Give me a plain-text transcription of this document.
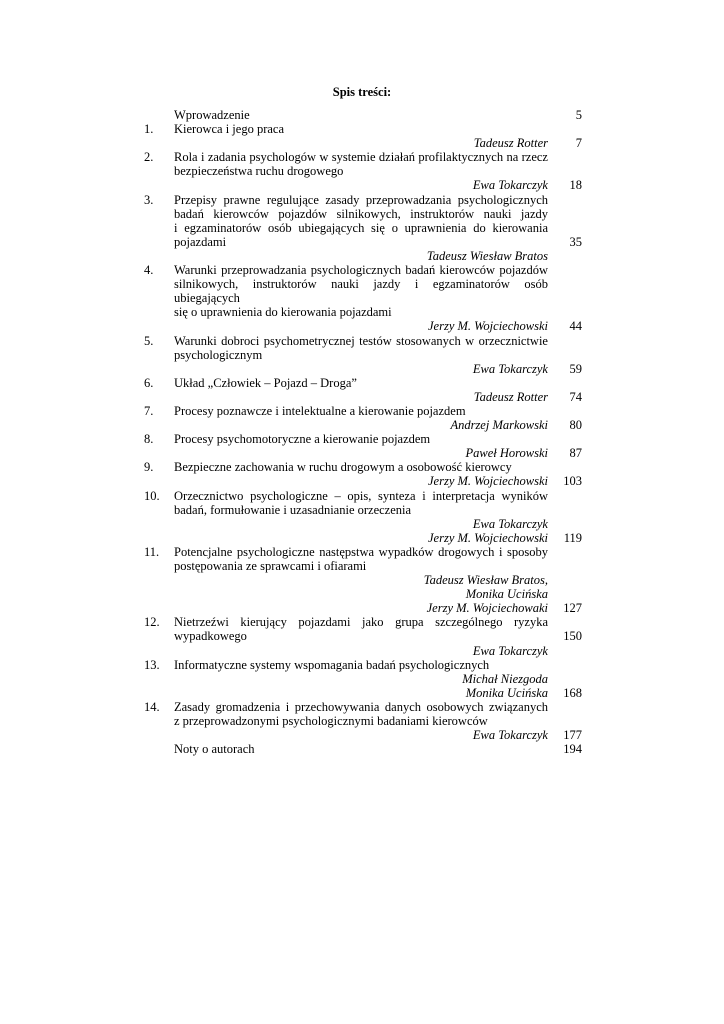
Spis treści:
Wprowadzenie	5
1.	Kierowca i jego praca
Tadeusz Rotter 7
2.	Rola i zadania psychologów w systemie działań profilaktycznych na rzecz
bezpieczeństwa ruchu drogowego
Ewa Tokarczyk 18
3.	Przepisy prawne regulujące zasady przeprowadzania psychologicznych
badań kierowców pojazdów silnikowych, instruktorów nauki jazdy
i egzaminatorów osób ubiegających się o uprawnienia do kierowania
pojazdami	35
Tadeusz Wiesław Bratos
4.	Warunki przeprowadzania psychologicznych badań kierowców pojazdów
silnikowych, instruktorów nauki jazdy i egzaminatorów osób ubiegających
się o uprawnienia do kierowania pojazdami
Jerzy M. Wojciechowski 44
5.	Warunki dobroci psychometrycznej testów stosowanych w orzecznictwie
psychologicznym
Ewa Tokarczyk 59
6.	Układ „Człowiek – Pojazd – Droga”
Tadeusz Rotter 74
7.	Procesy poznawcze i intelektualne a kierowanie pojazdem
Andrzej Markowski 80
8.	Procesy psychomotoryczne a kierowanie pojazdem
Paweł Horowski 87
9.	Bezpieczne zachowania w ruchu drogowym a osobowość kierowcy
Jerzy M. Wojciechowski 103
10.	Orzecznictwo psychologiczne – opis, synteza i interpretacja wyników
badań, formułowanie i uzasadnianie orzeczenia
Ewa Tokarczyk
Jerzy M. Wojciechowski 119
11.	Potencjalne psychologiczne następstwa wypadków drogowych i sposoby
postępowania ze sprawcami i ofiarami
Tadeusz Wiesław Bratos,
Monika Ucińska
Jerzy M. Wojciechowaki 127
12.	Nietrzeźwi kierujący pojazdami jako grupa szczególnego ryzyka
wypadkowego	150
Ewa Tokarczyk
13.	Informatyczne systemy wspomagania badań psychologicznych
Michał Niezgoda
Monika Ucińska 168
14.	Zasady gromadzenia i przechowywania danych osobowych związanych
z przeprowadzonymi psychologicznymi badaniami kierowców
Ewa Tokarczyk 177
Noty o autorach	194
